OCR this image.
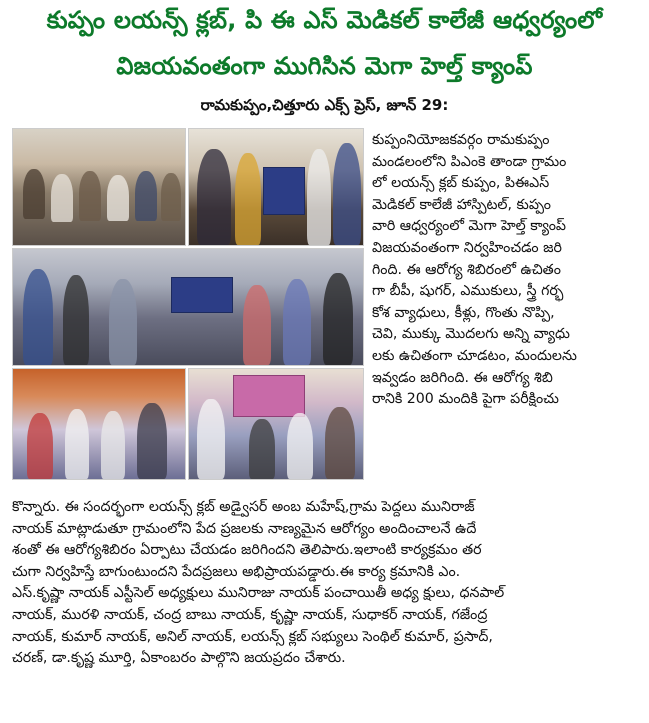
కుప్పం లయన్స్ క్లబ్, పి ఈ ఎస్ మెడికల్ కాలేజీ ఆధ్వర్యంలో
విజయవంతంగా ముగిసిన మెగా హెల్త్ క్యాంప్
రామకుప్పం,చిత్తూరు ఎక్స్ ప్రెస్, జూన్ 29:
కుప్పంనియోజకవర్గం రామకుప్పం
మండలంలోని పిఎంకె తాండా గ్రామం
లో లయన్స్ క్లబ్ కుప్పం, పిఈఎస్
మెడికల్ కాలేజీ హాస్పిటల్, కుప్పం
వారి ఆధ్వర్యంలో మెగా హెల్త్ క్యాంప్
విజయవంతంగా నిర్వహించడం జరి
గింది. ఈ ఆరోగ్య శిబిరంలో ఉచితం
గా బీపీ, షుగర్, ఎముకులు, స్త్రీ గర్భ
కోశ వ్యాధులు, కీళ్లు, గొంతు నొప్పి,
చెవి, ముక్కు మొదలగు అన్ని వ్యాధు
లకు ఉచితంగా చూడటం, మందులను
ఇవ్వడం జరిగింది. ఈ ఆరోగ్య శిబి
రానికి 200 మందికి పైగా పరీక్షించు
కొన్నారు. ఈ సందర్భంగా లయన్స్ క్లబ్ అడ్వైసర్ అంబ మహేష్,గ్రామ పెద్దలు మునిరాజ్
నాయక్ మాట్లాడుతూ గ్రామంలోని పేద ప్రజలకు నాణ్యమైన ఆరోగ్యం అందించాలనే ఉదే
శంతో ఈ ఆరోగ్యశిబిరం ఏర్పాటు చేయడం జరిగిందని తెలిపారు.ఇలాంటి కార్యక్రమం తర
చుగా నిర్వహిస్తే బాగుంటుందని పేదప్రజలు అభిప్రాయపడ్డారు.ఈ కార్య క్రమానికి ఎం.
ఎస్.కృష్ణా నాయక్ ఎస్టీసెల్ అధ్యక్షులు మునిరాజు నాయక్ పంచాయితీ అధ్య క్షులు, ధనపాల్
నాయక్, మురళి నాయక్, చంద్ర బాబు నాయక్, కృష్ణా నాయక్, సుధాకర్ నాయక్, గజేంద్ర
నాయక్, కుమార్ నాయక్, అనిల్ నాయక్, లయన్స్ క్లబ్ సభ్యులు సెంథిల్ కుమార్, ప్రసాద్,
చరణ్, డా.కృష్ణ మూర్తి, ఏకాంబరం పాల్గొని జయప్రదం చేశారు.
